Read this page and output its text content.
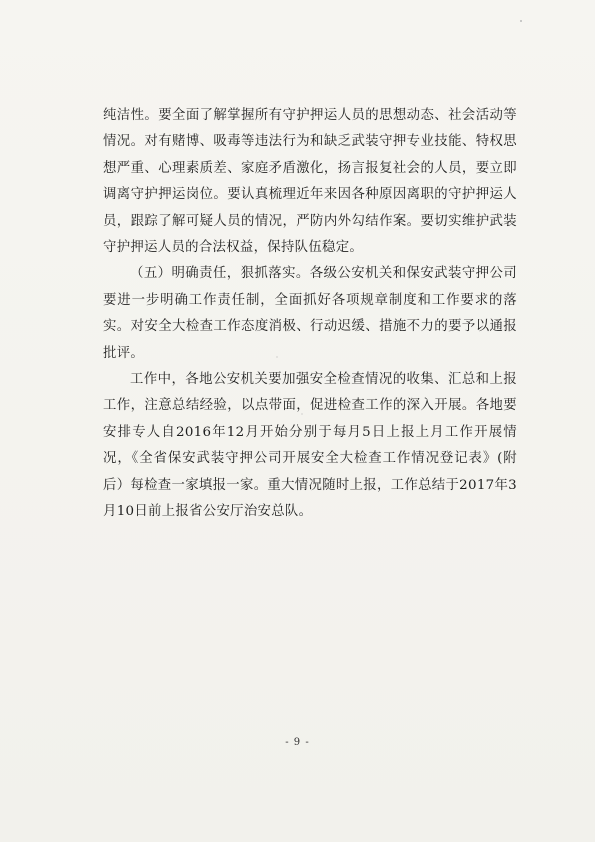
纯洁性。要全面了解掌握所有守护押运人员的思想动态、社会活动等情况。对有赌博、吸毒等违法行为和缺乏武装守押专业技能、特权思想严重、心理素质差、家庭矛盾激化，扬言报复社会的人员，要立即调离守护押运岗位。要认真梳理近年来因各种原因离职的守护押运人员，跟踪了解可疑人员的情况，严防内外勾结作案。要切实维护武装守护押运人员的合法权益，保持队伍稳定。

（五）明确责任，狠抓落实。各级公安机关和保安武装守押公司要进一步明确工作责任制，全面抓好各项规章制度和工作要求的落实。对安全大检查工作态度消极、行动迟缓、措施不力的要予以通报批评。

工作中，各地公安机关要加强安全检查情况的收集、汇总和上报工作，注意总结经验，以点带面，促进检查工作的深入开展。各地要安排专人自2016年12月开始分别于每月5日上报上月工作开展情况，《全省保安武装守押公司开展安全大检查工作情况登记表》(附后）每检查一家填报一家。重大情况随时上报，工作总结于2017年3月10日前上报省公安厅治安总队。

- 9 -
